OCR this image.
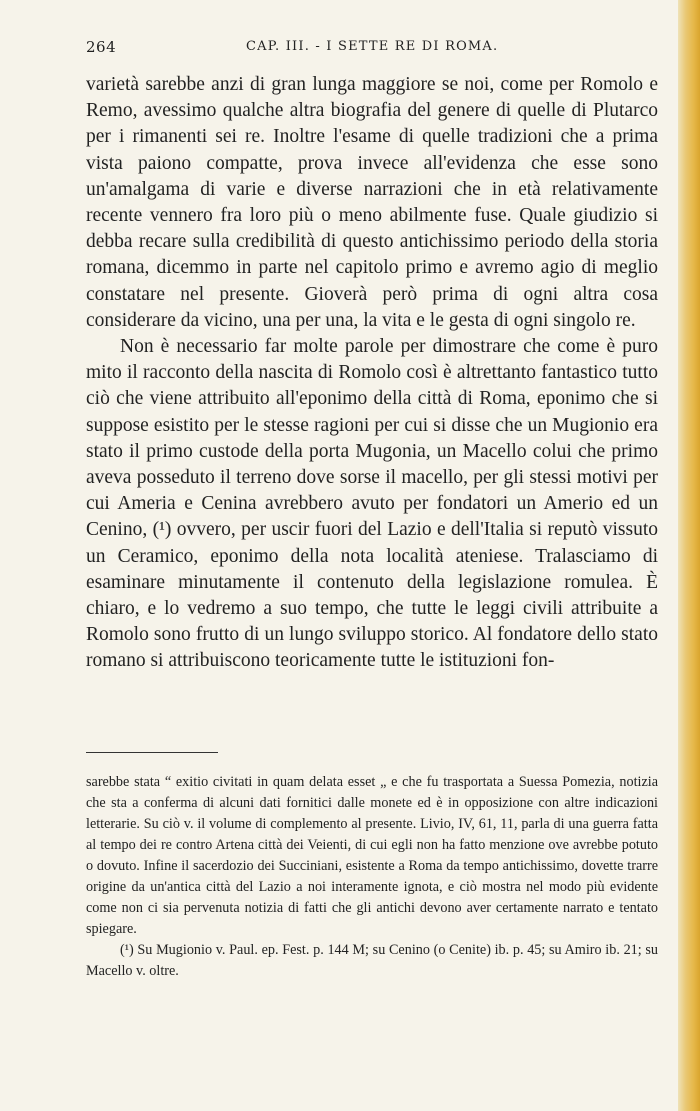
264	CAP. III. - I SETTE RE DI ROMA.

varietà sarebbe anzi di gran lunga maggiore se noi, come per Romolo e Remo, avessimo qualche altra biografia del genere di quelle di Plutarco per i rimanenti sei re. Inoltre l'esame di quelle tradizioni che a prima vista paiono compatte, prova invece all'evidenza che esse sono un'amalgama di varie e diverse narrazioni che in età relativamente recente vennero fra loro più o meno abilmente fuse. Quale giudizio si debba recare sulla credibilità di questo antichissimo periodo della storia romana, dicemmo in parte nel capitolo primo e avremo agio di meglio constatare nel presente. Gioverà però prima di ogni altra cosa considerare da vicino, una per una, la vita e le gesta di ogni singolo re.

Non è necessario far molte parole per dimostrare che come è puro mito il racconto della nascita di Romolo così è altrettanto fantastico tutto ciò che viene attribuito all'eponimo della città di Roma, eponimo che si suppose esistito per le stesse ragioni per cui si disse che un Mugionio era stato il primo custode della porta Mugonia, un Macello colui che primo aveva posseduto il terreno dove sorse il macello, per gli stessi motivi per cui Ameria e Cenina avrebbero avuto per fondatori un Amerio ed un Cenino, (¹) ovvero, per uscir fuori del Lazio e dell'Italia si reputò vissuto un Ceramico, eponimo della nota località ateniese. Tralasciamo di esaminare minutamente il contenuto della legislazione romulea. È chiaro, e lo vedremo a suo tempo, che tutte le leggi civili attribuite a Romolo sono frutto di un lungo sviluppo storico. Al fondatore dello stato romano si attribuiscono teoricamente tutte le istituzioni fon-

sarebbe stata “ exitio civitati in quam delata esset „ e che fu trasportata a Suessa Pomezia, notizia che sta a conferma di alcuni dati fornitici dalle monete ed è in opposizione con altre indicazioni letterarie. Su ciò v. il volume di complemento al presente. Livio, IV, 61, 11, parla di una guerra fatta al tempo dei re contro Artena città dei Veienti, di cui egli non ha fatto menzione ove avrebbe potuto o dovuto. Infine il sacerdozio dei Succiniani, esistente a Roma da tempo antichissimo, dovette trarre origine da un'antica città del Lazio a noi interamente ignota, e ciò mostra nel modo più evidente come non ci sia pervenuta notizia di fatti che gli antichi devono aver certamente narrato e tentato spiegare.

(¹) Su Mugionio v. Paul. ep. Fest. p. 144 M; su Cenino (o Cenite) ib. p. 45; su Amiro ib. 21; su Macello v. oltre.
